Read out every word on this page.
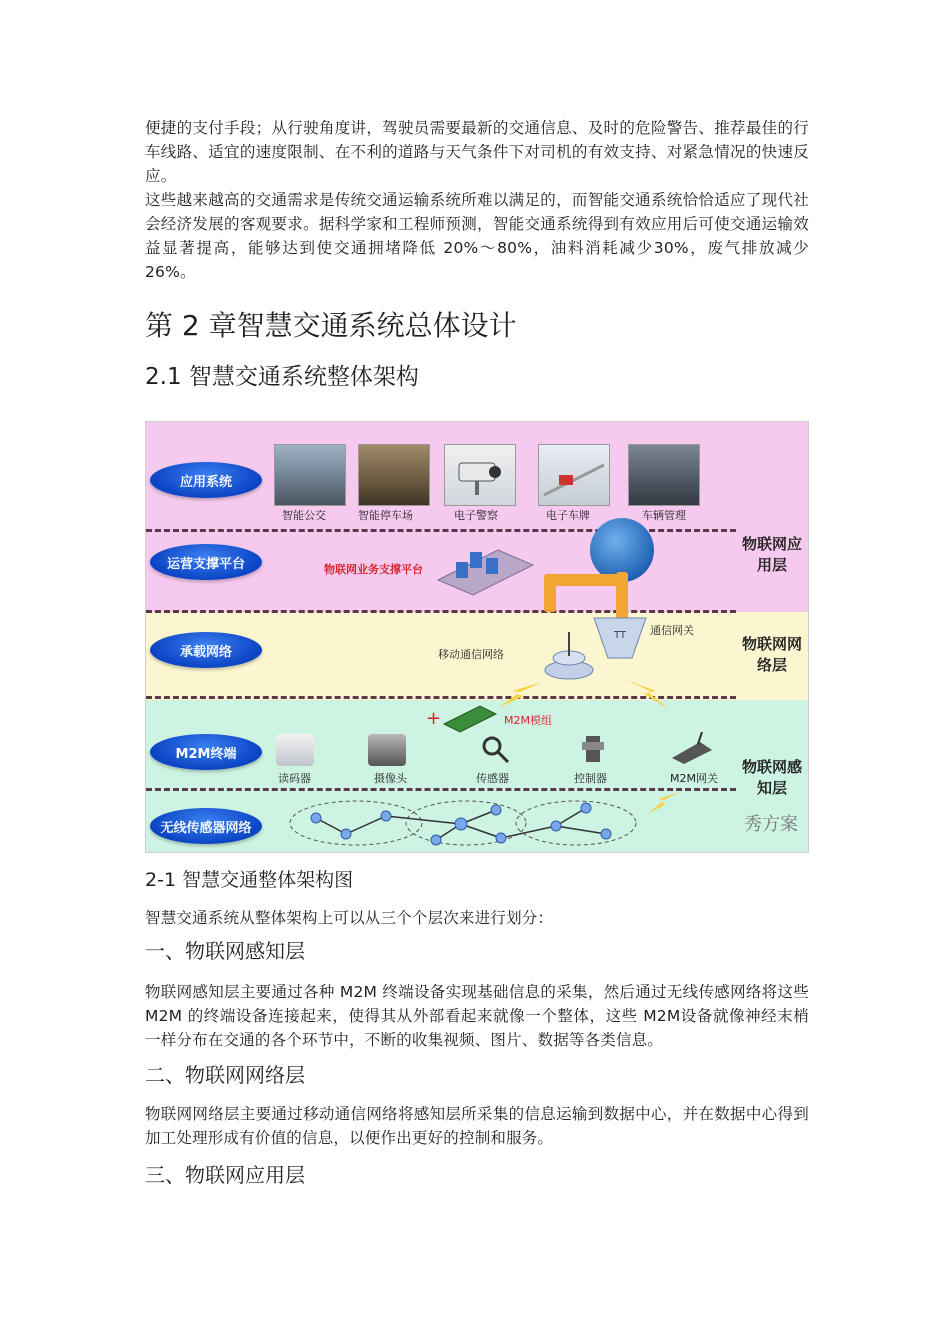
便捷的支付手段；从行驶角度讲，驾驶员需要最新的交通信息、及时的危险警告、推荐最佳的行车线路、适宜的速度限制、在不利的道路与天气条件下对司机的有效支持、对紧急情况的快速反应。

这些越来越高的交通需求是传统交通运输系统所难以满足的，而智能交通系统恰恰适应了现代社会经济发展的客观要求。据科学家和工程师预测，智能交通系统得到有效应用后可使交通运输效益显著提高，能够达到使交通拥堵降低 20%～80%，油料消耗减少30%，废气排放减少 26%。

第 2 章智慧交通系统总体设计
2.1 智慧交通系统整体架构
应用系统
运营支撑平台
承载网络
M2M终端
无线传感器网络
物联网应用层
物联网网络层
物联网感知层
智能公交	智能停车场	电子警察	电子车牌	车辆管理
物联网业务支撑平台
TT 通信网关
移动通信网络
+	M2M模组
读码器	摄像头	传感器	控制器	M2M网关
秀方案
2-1 智慧交通整体架构图

智慧交通系统从整体架构上可以从三个个层次来进行划分：

一、物联网感知层

物联网感知层主要通过各种 M2M 终端设备实现基础信息的采集，然后通过无线传感网络将这些 M2M 的终端设备连接起来，使得其从外部看起来就像一个整体，这些 M2M设备就像神经末梢一样分布在交通的各个环节中，不断的收集视频、图片、数据等各类信息。

二、物联网网络层

物联网网络层主要通过移动通信网络将感知层所采集的信息运输到数据中心，并在数据中心得到加工处理形成有价值的信息，以便作出更好的控制和服务。

三、物联网应用层
